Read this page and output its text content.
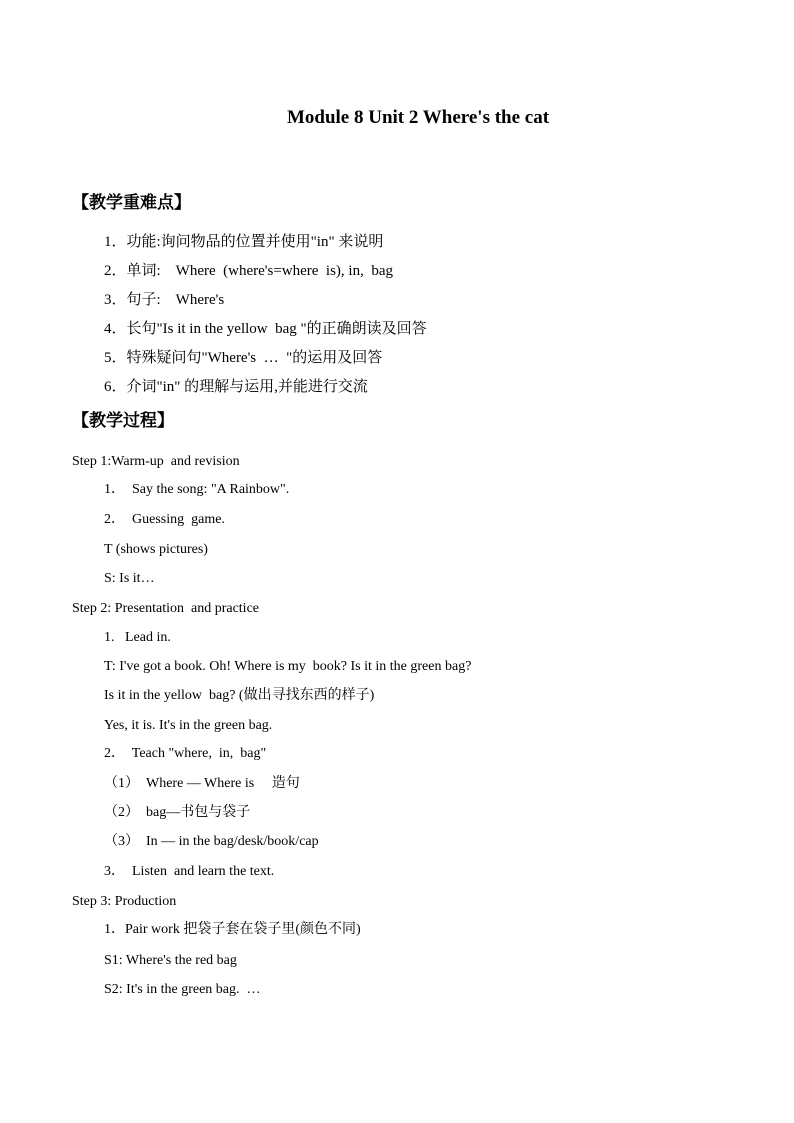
Module 8 Unit 2 Where's the cat
【教学重难点】
1．功能:询问物品的位置并使用"in" 来说明
2．单词:    Where  (where's=where  is), in,  bag
3．句子:    Where's
4．长句"Is it in the yellow  bag "的正确朗读及回答
5．特殊疑问句"Where's  …  "的运用及回答
6．介词"in" 的理解与运用,并能进行交流
【教学过程】
Step 1:Warm-up  and revision
1．  Say the song: "A Rainbow".
2．  Guessing  game.
T (shows pictures)
S: Is it…
Step 2: Presentation  and practice
1.   Lead in.
T: I've got a book. Oh! Where is my  book? Is it in the green bag?
Is it in the yellow  bag? (做出寻找东西的样子)
Yes, it is. It's in the green bag.
2．  Teach "where,  in,  bag"
（1）  Where — Where is     造句
（2）  bag—书包与袋子
（3）  In — in the bag/desk/book/cap
3．  Listen  and learn the text.
Step 3: Production
1．Pair work 把袋子套在袋子里(颜色不同)
S1: Where's the red bag
S2: It's in the green bag.  …
